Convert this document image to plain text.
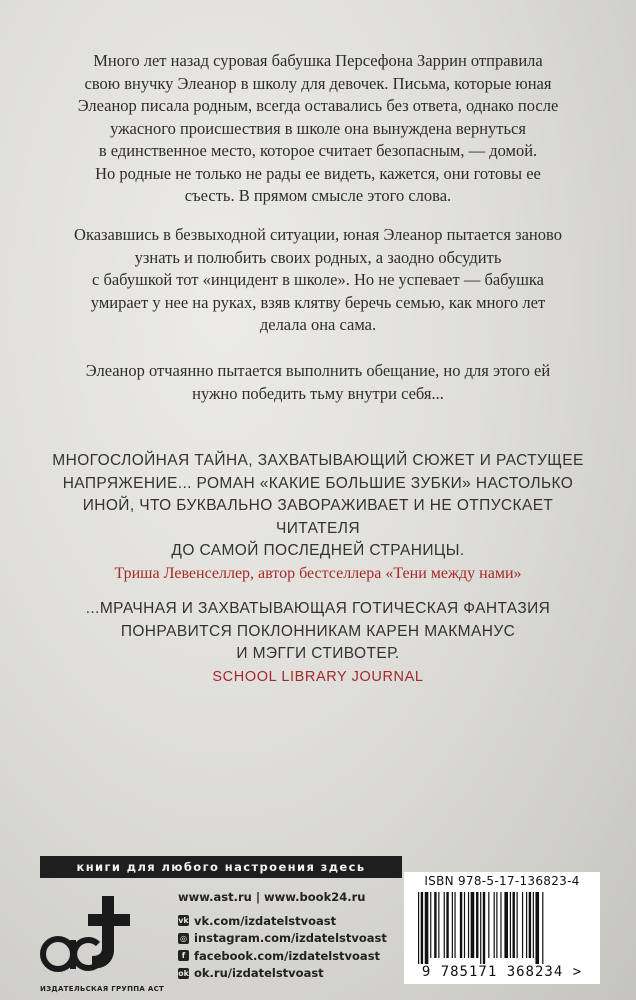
Много лет назад суровая бабушка Персефона Заррин отправила
свою внучку Элеанор в школу для девочек. Письма, которые юная
Элеанор писала родным, всегда оставались без ответа, однако после
ужасного происшествия в школе она вынуждена вернуться
в единственное место, которое считает безопасным, — домой.
Но родные не только не рады ее видеть, кажется, они готовы ее
съесть. В прямом смысле этого слова.

Оказавшись в безвыходной ситуации, юная Элеанор пытается заново
узнать и полюбить своих родных, а заодно обсудить
с бабушкой тот «инцидент в школе». Но не успевает — бабушка
умирает у нее на руках, взяв клятву беречь семью, как много лет
делала она сама.

Элеанор отчаянно пытается выполнить обещание, но для этого ей
нужно победить тьму внутри себя...

МНОГОСЛОЙНАЯ ТАЙНА, ЗАХВАТЫВАЮЩИЙ СЮЖЕТ И РАСТУЩЕЕ
НАПРЯЖЕНИЕ... РОМАН «КАКИЕ БОЛЬШИЕ ЗУБКИ» НАСТОЛЬКО
ИНОЙ, ЧТО БУКВАЛЬНО ЗАВОРАЖИВАЕТ И НЕ ОТПУСКАЕТ ЧИТАТЕЛЯ
ДО САМОЙ ПОСЛЕДНЕЙ СТРАНИЦЫ.
Триша Левенселлер, автор бестселлера «Тени между нами»
...МРАЧНАЯ И ЗАХВАТЫВАЮЩАЯ ГОТИЧЕСКАЯ ФАНТАЗИЯ
ПОНРАВИТСЯ ПОКЛОННИКАМ КАРЕН МАКМАНУС
И МЭГГИ СТИВОТЕР.
SCHOOL LIBRARY JOURNAL
книги для любого настроения здесь
аст
ИЗДАТЕЛЬСКАЯ ГРУППА АСТ
www.ast.ru | www.book24.ru
vk vk.com/izdatelstvoast
◎ instagram.com/izdatelstvoast
f facebook.com/izdatelstvoast
ok ok.ru/izdatelstvoast
ISBN 978-5-17-136823-4
9 785171 368234 >
